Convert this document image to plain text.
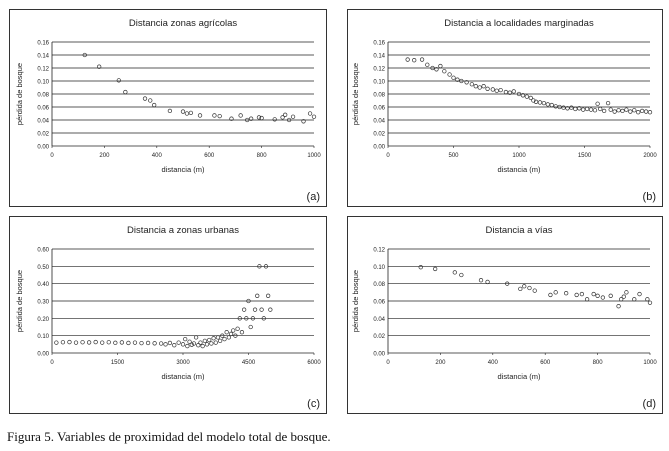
Distancia zonas agrícolas
0.00
0.02
0.04
0.06
0.08
0.10
0.12
0.14
0.16
0	200	400	600	800	1000
distancia (m)
pérdida de bosque
(a)
Distancia a localidades marginadas
0.00
0.02
0.04
0.06
0.08
0.10
0.12
0.14
0.16
0	500	1000	1500	2000
distancia (m)
pérdida de bosque
(b)
Distancia a zonas urbanas
0.00
0.10
0.20
0.30
0.40
0.50
0.60
0	1500	3000	4500	6000
distancia (m)
pérdida de bosque
(c)
Distancia a vías
0.00
0.02
0.04
0.06
0.08
0.10
0.12
0	200	400	600	800	1000
distancia (m)
pérdida de bosque
(d)
Figura 5. Variables de proximidad del modelo total de bosque.
